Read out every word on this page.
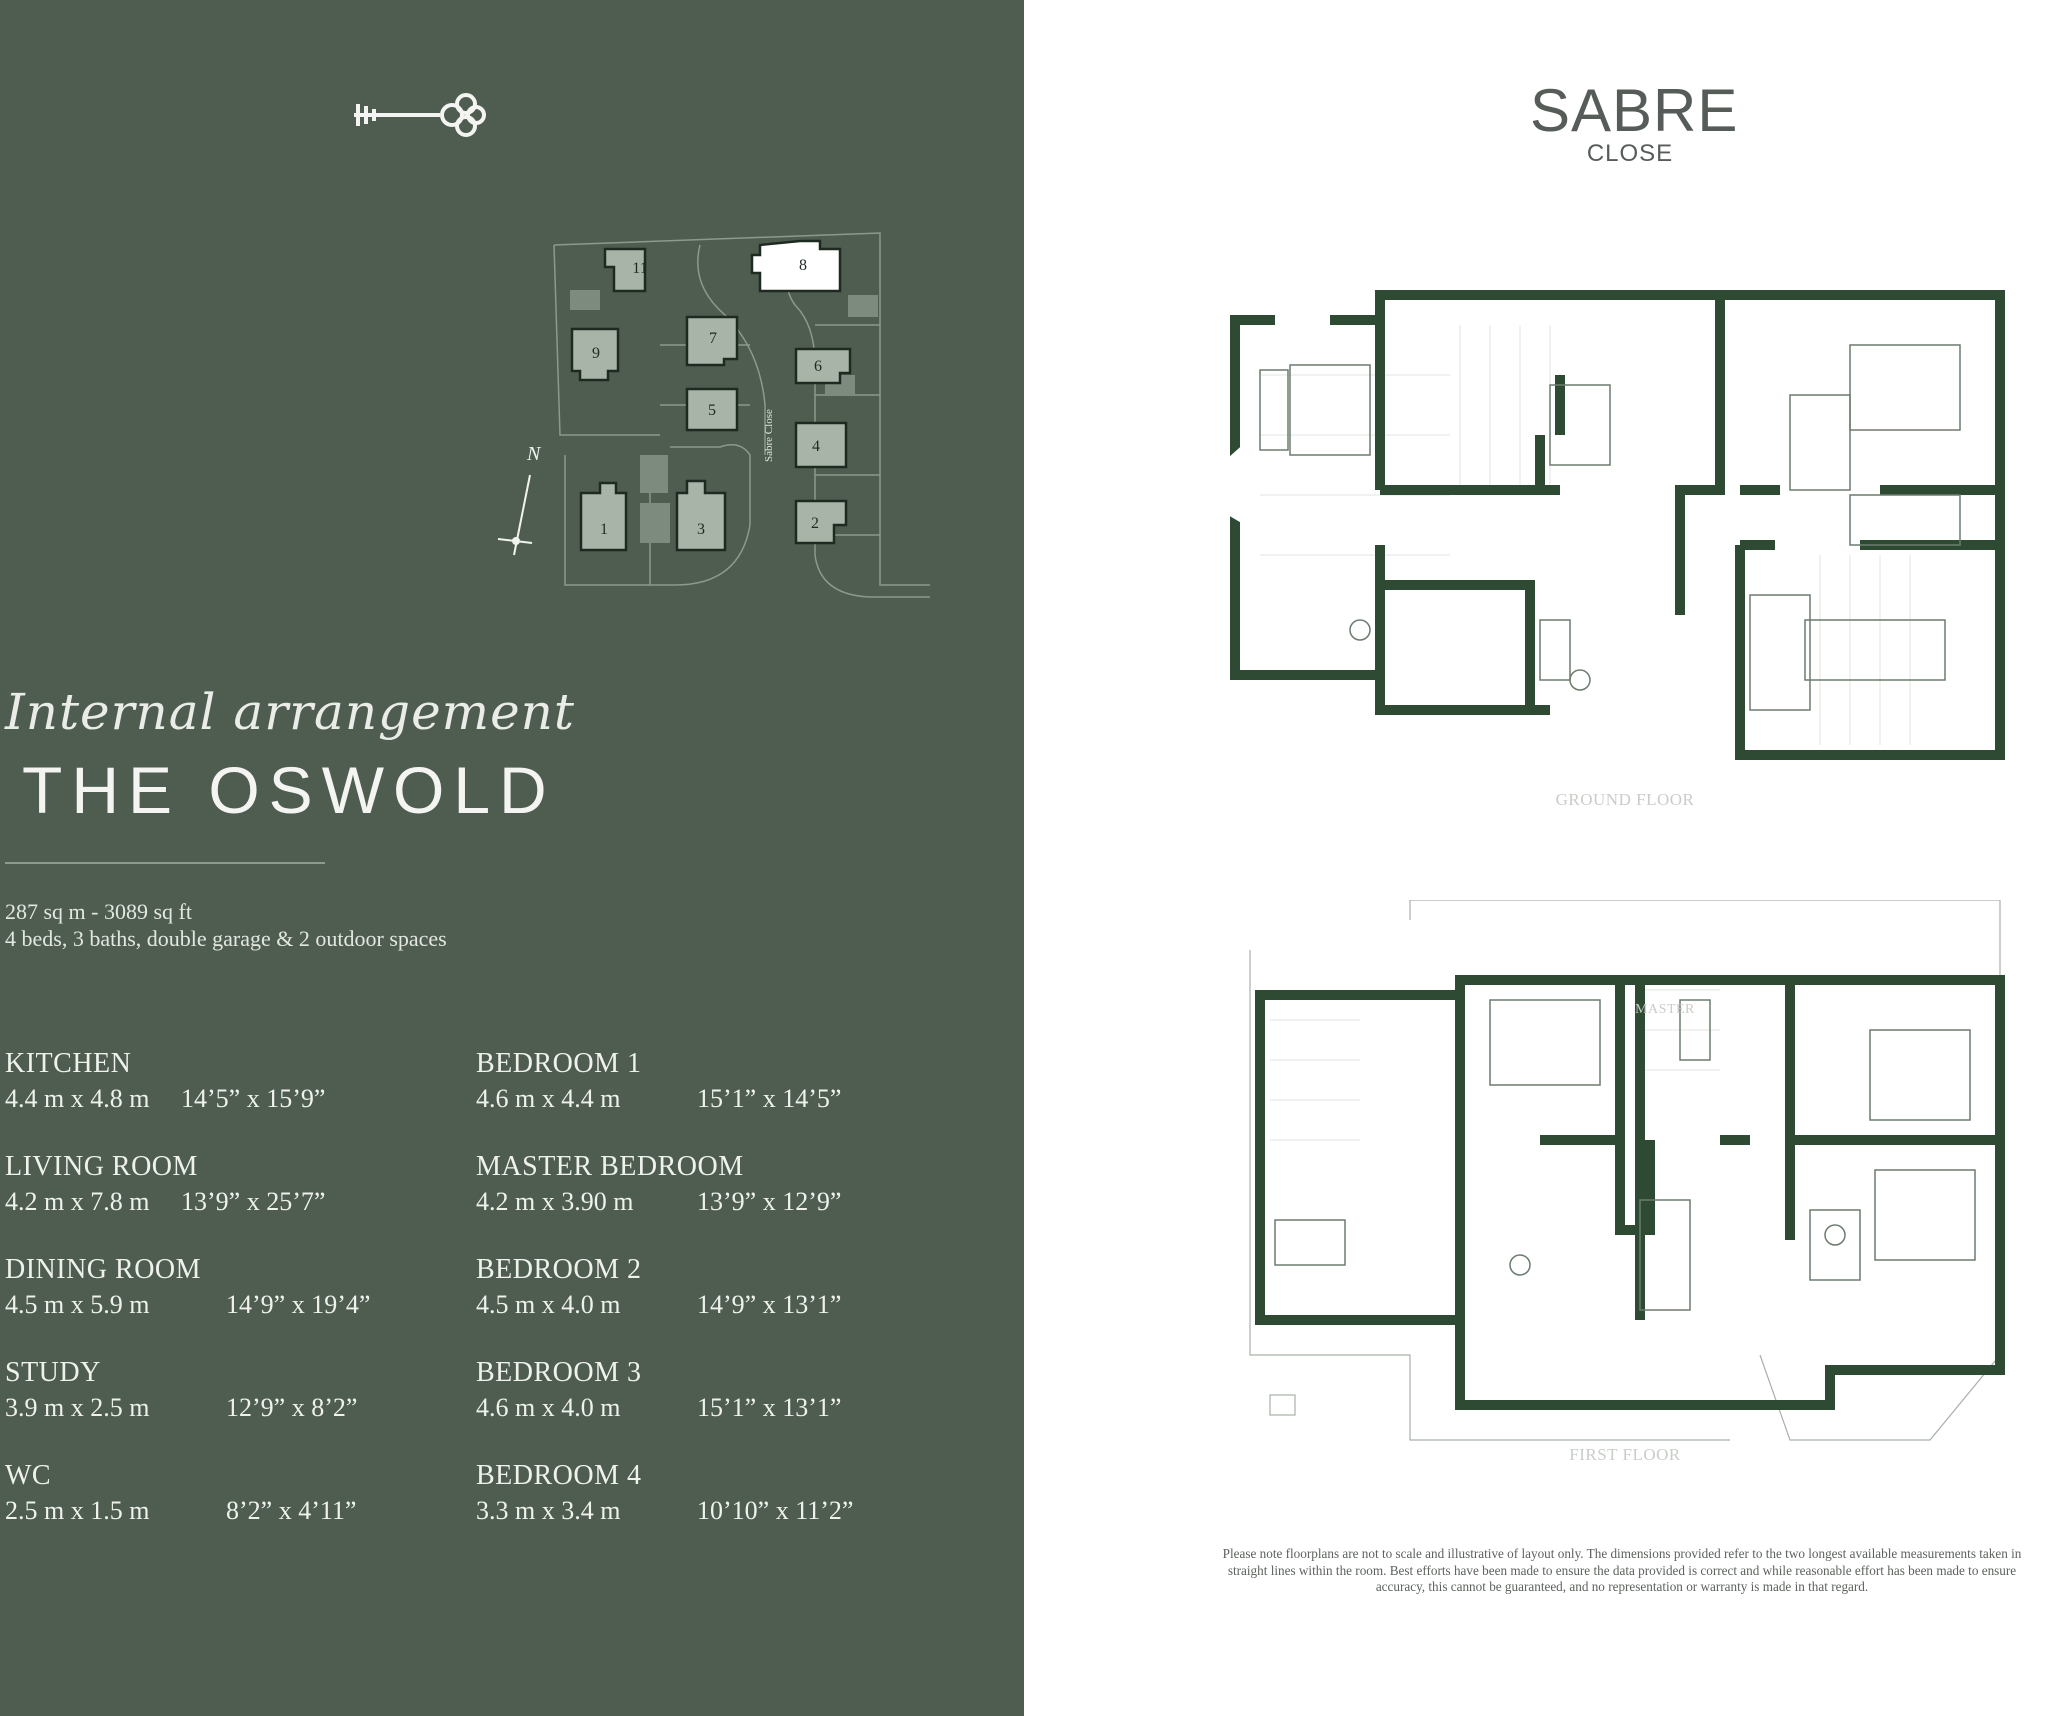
11
9
7
5
6
4
2
1	3
8
Sabre Close
N
Internal arrangement
THE OSWOLD
287 sq m - 3089 sq ft
4 beds, 3 baths, double garage & 2 outdoor spaces
KITCHEN
4.4 m x 4.8 m 14’5” x 15’9”
LIVING ROOM
4.2 m x 7.8 m 13’9” x 25’7”
DINING ROOM
4.5 m x 5.9 m	14’9” x 19’4”
STUDY
3.9 m x 2.5 m	12’9” x 8’2”
WC
2.5 m x 1.5 m	8’2” x 4’11”
BEDROOM 1
4.6 m x 4.4 m	15’1” x 14’5”
MASTER BEDROOM
4.2 m x 3.90 m 13’9” x 12’9”
BEDROOM 2
4.5 m x 4.0 m	14’9” x 13’1”
BEDROOM 3
4.6 m x 4.0 m	15’1” x 13’1”
BEDROOM 4
3.3 m x 3.4 m	10’10” x 11’2”
SABRE
CLOSE
GROUND FLOOR
FIRST FLOOR
MASTER
Please note floorplans are not to scale and illustrative of layout only. The dimensions provided refer to the two longest available measurements taken in straight lines within the room. Best efforts have been made to ensure the data provided is correct and while reasonable effort has been made to ensure accuracy, this cannot be guaranteed, and no representation or warranty is made in that regard.
